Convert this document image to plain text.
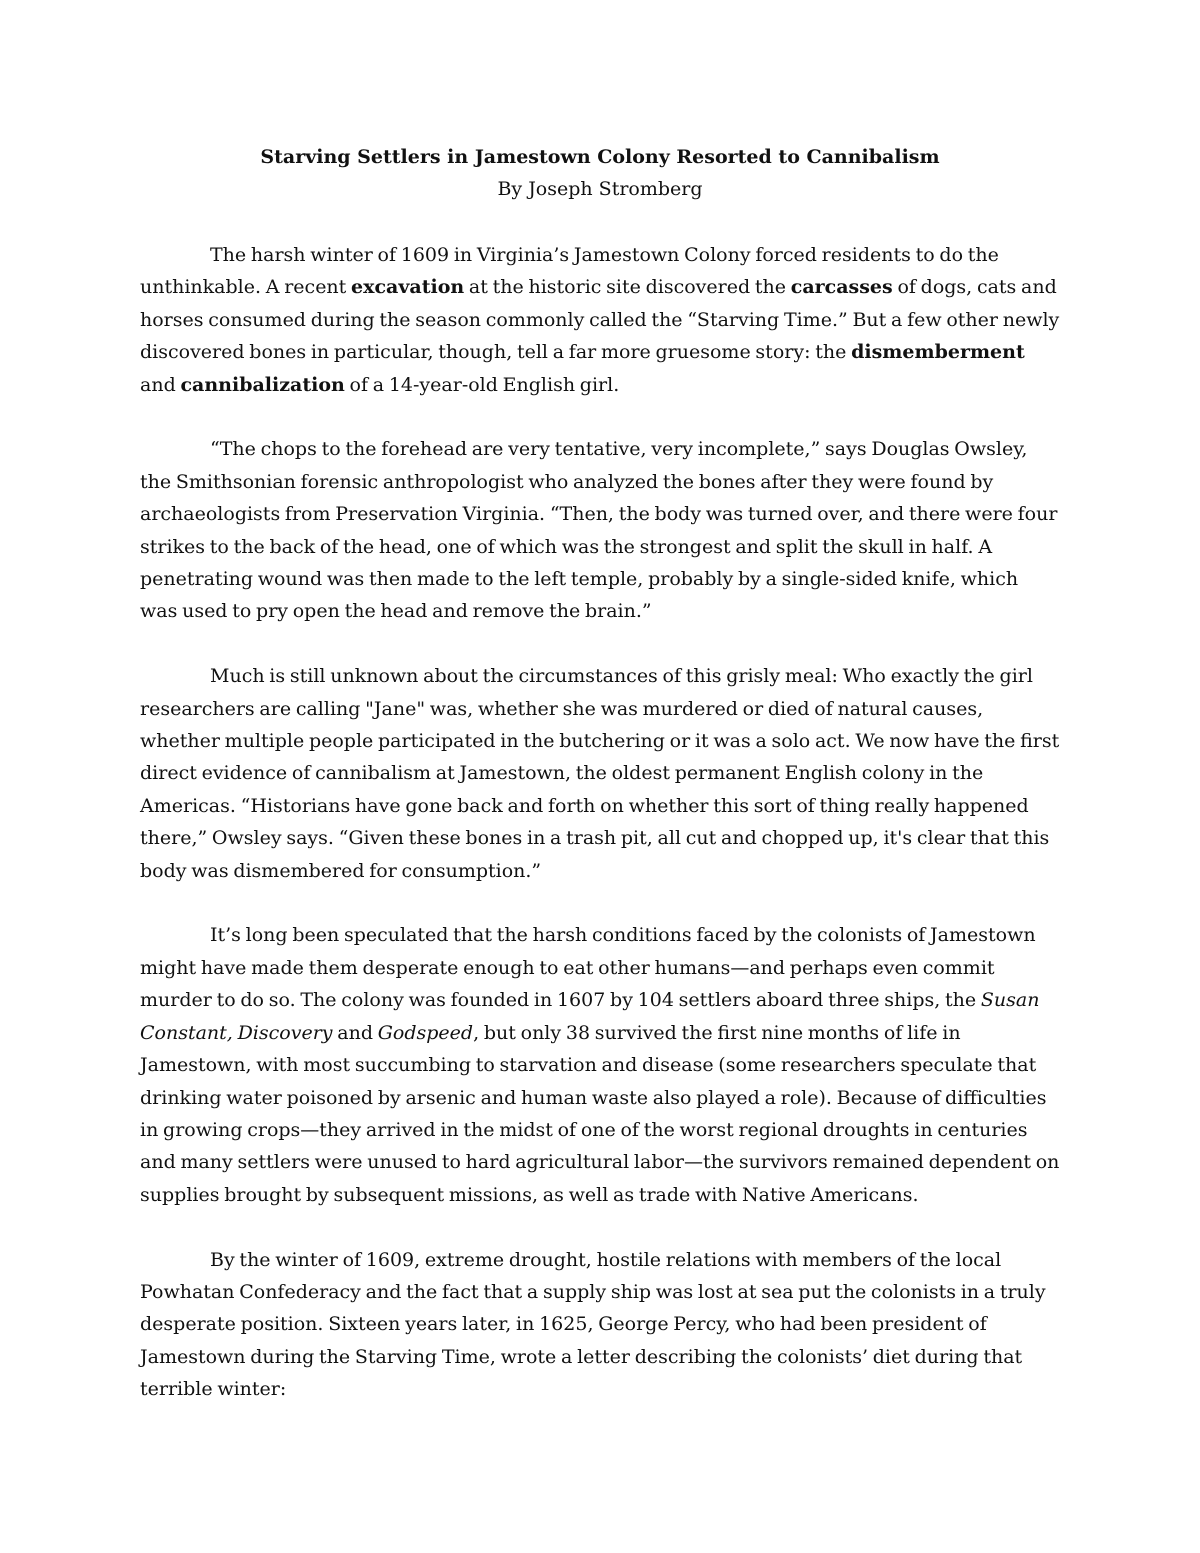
Starving Settlers in Jamestown Colony Resorted to Cannibalism
By Joseph Stromberg

The harsh winter of 1609 in Virginia’s Jamestown Colony forced residents to do the unthinkable. A recent excavation at the historic site discovered the carcasses of dogs, cats and horses consumed during the season commonly called the “Starving Time.” But a few other newly discovered bones in particular, though, tell a far more gruesome story: the dismemberment and cannibalization of a 14-year-old English girl.

“The chops to the forehead are very tentative, very incomplete,” says Douglas Owsley, the Smithsonian forensic anthropologist who analyzed the bones after they were found by archaeologists from Preservation Virginia. “Then, the body was turned over, and there were four strikes to the back of the head, one of which was the strongest and split the skull in half. A penetrating wound was then made to the left temple, probably by a single-sided knife, which was used to pry open the head and remove the brain.”

Much is still unknown about the circumstances of this grisly meal: Who exactly the girl researchers are calling "Jane" was, whether she was murdered or died of natural causes, whether multiple people participated in the butchering or it was a solo act. We now have the first direct evidence of cannibalism at Jamestown, the oldest permanent English colony in the Americas. “Historians have gone back and forth on whether this sort of thing really happened there,” Owsley says. “Given these bones in a trash pit, all cut and chopped up, it's clear that this body was dismembered for consumption.”

It’s long been speculated that the harsh conditions faced by the colonists of Jamestown might have made them desperate enough to eat other humans—and perhaps even commit murder to do so. The colony was founded in 1607 by 104 settlers aboard three ships, the Susan Constant, Discovery and Godspeed, but only 38 survived the first nine months of life in Jamestown, with most succumbing to starvation and disease (some researchers speculate that drinking water poisoned by arsenic and human waste also played a role). Because of difficulties in growing crops—they arrived in the midst of one of the worst regional droughts in centuries and many settlers were unused to hard agricultural labor—the survivors remained dependent on supplies brought by subsequent missions, as well as trade with Native Americans.

By the winter of 1609, extreme drought, hostile relations with members of the local Powhatan Confederacy and the fact that a supply ship was lost at sea put the colonists in a truly desperate position. Sixteen years later, in 1625, George Percy, who had been president of Jamestown during the Starving Time, wrote a letter describing the colonists’ diet during that terrible winter:
